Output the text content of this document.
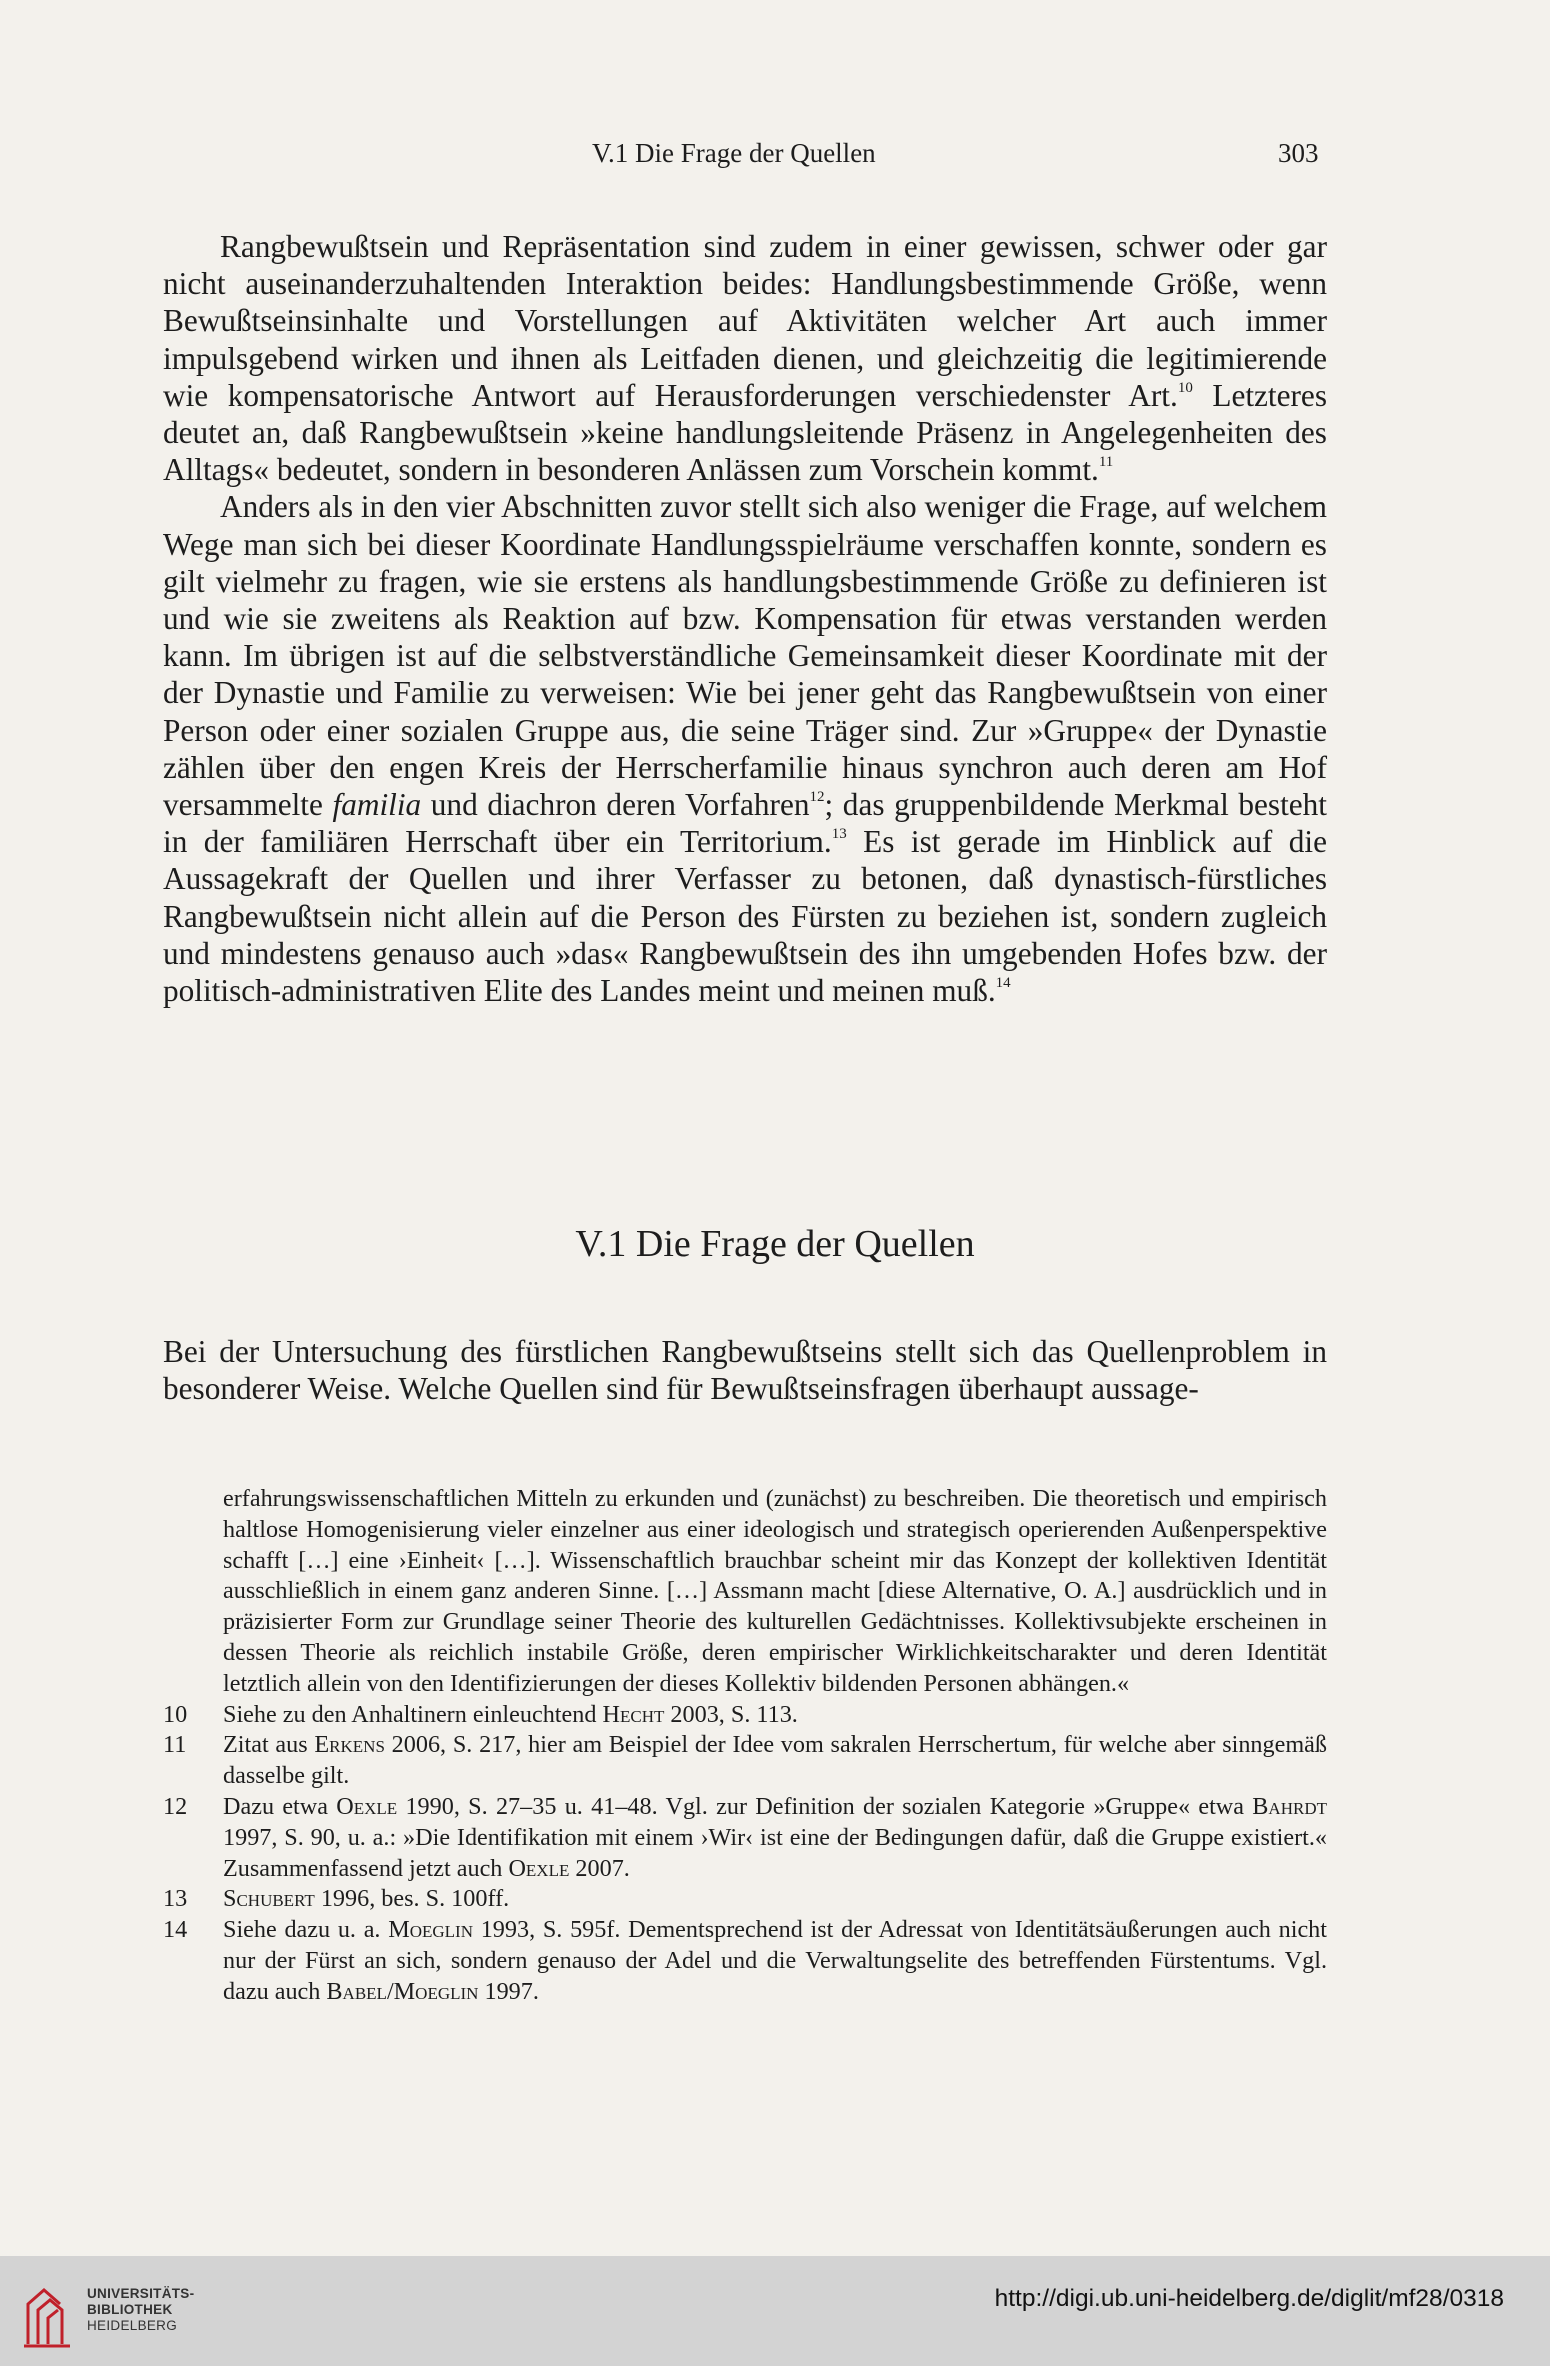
V.1 Die Frage der Quellen	303

Rangbewußtsein und Repräsentation sind zudem in einer gewissen, schwer oder gar nicht auseinanderzuhaltenden Interaktion beides: Handlungsbestimmende Größe, wenn Bewußtseinsinhalte und Vorstellungen auf Aktivitäten welcher Art auch immer impulsgebend wirken und ihnen als Leitfaden dienen, und gleichzeitig die legitimierende wie kompensatorische Antwort auf Herausforderungen verschiedenster Art.$^{10}$ Letzteres deutet an, daß Rangbewußtsein »keine handlungsleitende Präsenz in Angelegenheiten des Alltags« bedeutet, sondern in besonderen Anlässen zum Vorschein kommt.$^{11}$

Anders als in den vier Abschnitten zuvor stellt sich also weniger die Frage, auf welchem Wege man sich bei dieser Koordinate Handlungsspielräume verschaffen konnte, sondern es gilt vielmehr zu fragen, wie sie erstens als handlungsbestimmende Größe zu definieren ist und wie sie zweitens als Reaktion auf bzw. Kompensation für etwas verstanden werden kann. Im übrigen ist auf die selbstverständliche Gemeinsamkeit dieser Koordinate mit der der Dynastie und Familie zu verweisen: Wie bei jener geht das Rangbewußtsein von einer Person oder einer sozialen Gruppe aus, die seine Träger sind. Zur »Gruppe« der Dynastie zählen über den engen Kreis der Herrscherfamilie hinaus synchron auch deren am Hof versammelte familia und diachron deren Vorfahren$^{12}$; das gruppenbildende Merkmal besteht in der familiären Herrschaft über ein Territorium.$^{13}$ Es ist gerade im Hinblick auf die Aussagekraft der Quellen und ihrer Verfasser zu betonen, daß dynastisch-fürstliches Rangbewußtsein nicht allein auf die Person des Fürsten zu beziehen ist, sondern zugleich und mindestens genauso auch »das« Rangbewußtsein des ihn umgebenden Hofes bzw. der politisch-administrativen Elite des Landes meint und meinen muß.$^{14}$

V.1 Die Frage der Quellen

Bei der Untersuchung des fürstlichen Rangbewußtseins stellt sich das Quellenproblem in besonderer Weise. Welche Quellen sind für Bewußtseinsfragen überhaupt aussage-

erfahrungswissenschaftlichen Mitteln zu erkunden und (zunächst) zu beschreiben. Die theoretisch und empirisch haltlose Homogenisierung vieler einzelner aus einer ideologisch und strategisch operierenden Außenperspektive schafft […] eine ›Einheit‹ […]. Wissenschaftlich brauchbar scheint mir das Konzept der kollektiven Identität ausschließlich in einem ganz anderen Sinne. […] Assmann macht [diese Alternative, O. A.] ausdrücklich und in präzisierter Form zur Grundlage seiner Theorie des kulturellen Gedächtnisses. Kollektivsubjekte erscheinen in dessen Theorie als reichlich instabile Größe, deren empirischer Wirklichkeitscharakter und deren Identität letztlich allein von den Identifizierungen der dieses Kollektiv bildenden Personen abhängen.«

10 Siehe zu den Anhaltinern einleuchtend Hecht 2003, S. 113.

11 Zitat aus Erkens 2006, S. 217, hier am Beispiel der Idee vom sakralen Herrschertum, für welche aber sinngemäß dasselbe gilt.

12 Dazu etwa Oexle 1990, S. 27–35 u. 41–48. Vgl. zur Definition der sozialen Kategorie »Gruppe« etwa Bahrdt 1997, S. 90, u. a.: »Die Identifikation mit einem ›Wir‹ ist eine der Bedingungen dafür, daß die Gruppe existiert.« Zusammenfassend jetzt auch Oexle 2007.

13 Schubert 1996, bes. S. 100ff.

14 Siehe dazu u. a. Moeglin 1993, S. 595f. Dementsprechend ist der Adressat von Identitätsäußerungen auch nicht nur der Fürst an sich, sondern genauso der Adel und die Verwaltungselite des betreffenden Fürstentums. Vgl. dazu auch Babel/Moeglin 1997.

UNIVERSITÄTS-
BIBLIOTHEK
HEIDELBERG
http://digi.ub.uni-heidelberg.de/diglit/mf28/0318
